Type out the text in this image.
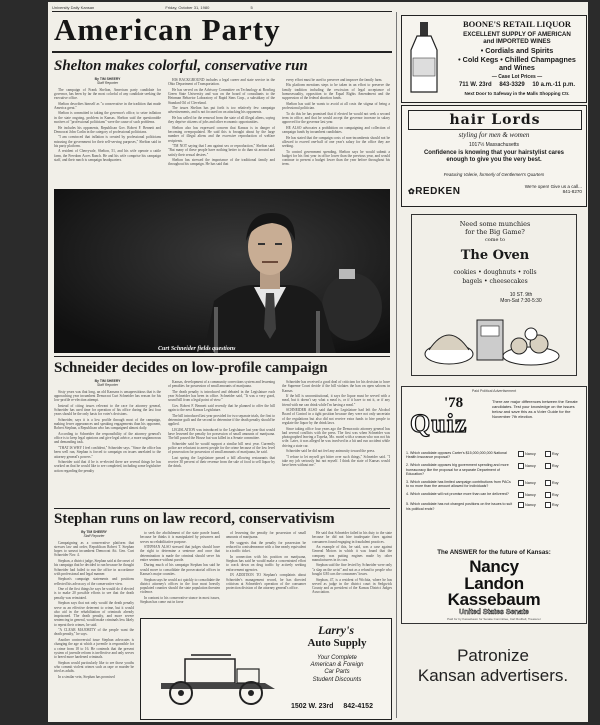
University Daily Kansan	Friday, October 31, 1980	5
American Party
Shelton makes colorful, conservative run
By TIM SHEERY
Staff Reporter

The campaign of Frank Shelton, American party candidate for governor, has been by far the most colorful of any candidate seeking the executive office.

Shelton describes himself as "a conservative in the tradition that made America great."

Shelton is committed to taking the governor's office, to seize inflation in the state ongoing, problem in Kansas. Shelton said the questionable motives of "professional politicians" were the cause of such problems.

He includes his opponents, Republican Gov. Robert F. Bennett and Democrat John Carlin in the category of professional politicians.

"I am convinced that inflation is created by professional politicians misusing the government for their self-serving purposes," Shelton said in his party platform.

A resident of Cherryvale, Shelton, 51, and his wife operate a cattle farm, the Freedom Acres Ranch. He and his wife comprise his campaign staff, and their ranch is campaign headquarters.

HIS BACKGROUND includes a legal career and state service in the Ohio Department of Transportation.

He has served on the Advisory Committee on Technology at Bowling Green State University and was on the board of consultants to the Heinman Behavior Laboratory of Rapid Sims Corp., a subsidiary of the Standard Oil of Cleveland.

The issues Shelton has put forth is too relatively few campaign advertisements, and is not focused on on attacking his opponents.

He has called for the removal from the state of all illegal aliens, saying they deprive citizens of jobs and other economic opportunities.

Shelton also has expressed concern that Kansas is in danger of becoming overpopulated. He said this is brought about by the large number of illegal aliens and the excessive reproduction of welfare recipients.

"I'M NOT saying that I am against sex or reproduction," Shelton said. "But many of these people have nothing better to do than sit around and satisfy their sexual desires."

Shelton has stressed the importance of the traditional family and throughout his campaign. He has said that

every effort must be used to preserve and improve the family farm.

His platform mentions steps to be taken in an effort to preserve the family tradition including the rescission of legal acceptance of homosexuality, opposition to the Equal Rights Amendment and the suppression of the federal abortion funds.

Shelton has said he wants to avoid at all costs the stigma of being a professional politician.

To do this he has promised that if elected he would not seek a second term in office, and that he would accept the governor increase in salary approved for the governor last year.

HE ALSO advocates a prohibition on campaigning and collection of campaign funds by incumbent candidates.

He has stated that the campaign costs of non-incumbents should not be allowed to exceed one-half of one year's salary for the office they are seeking.

To control government spending, Shelton says he would submit a budget for his first year in office lower than the previous year, and would continue to present a budget lower than the year before throughout his term.

Curt Schneider fields questions
Schneider decides on low-profile campaign
By TIM SHEERY
Staff Reporter

Sixty years was that long, an old Kansans is unsuperstitious that is the approaching year incumbent Democrat Curt Schneider has reason for his low-profile re-election attempt.

Instead of citing issues relevant to the race for attorney general, Schneider has used time for operation of his office during the last four years should be the only basis for voter's decisions.

Schneider, says it is a low profile through most of the campaign, making fewer appearances and speaking engagements than his opponent, Robert Stephan, a Republican who has campaigned almost daily.

According to Schneider the responsibility of the attorney general's office is to keep legal opinions and give legal advice, a more unglamorous and demanding task.

"THAT IS WHY I feel confident," Schneider says. "Since the office has been well run, Stephan is forced to campaign on issues unrelated to the attorney general's powers."

Schneider said that if he is re-elected there are several things he has worked on that he would like to see completed, including some legislative action regarding the penalty

Kansas, development of a community corrections system and lessening of penalties for possession of small amounts of marijuana.

The death penalty is introduced and debated in the Legislature each year Schneider has been in office. Schneider said, "It was a very good, sound bill from a legal point of view."

Gov. Robert F. Bennett said recently that he planned to offer the bill again to the next Kansas Legislature.

The bill introduced last year provided for two separate trials, the first to determine guilt and the second to determine if the death penalty should be applied.

LEGISLATION was introduced to the Legislature last year that would have lessened the penalty for possession of small amounts of marijuana. The bill passed the House but was killed in a Senate committee.

Schneider said he would support a similar bill next year. Currently police are reluctant to arrest people for the crime because of the low level of prosecution for possession of small amounts of marijuana, he said.

Last spring the Legislature passed a bill allowing restaurants that receive 30 percent of their revenue from the sale of food to sell liquor by the drink.

Schneider has received a good deal of criticism for his decision to have the Supreme Court decide if the bill violates the ban on open saloons in Kansas.

If the bill is unconstitutional, it says the liquor must be served with a meal, but it doesn't say what a meal is, or if it have to eat it, or if any friend with me can drink while I'm having a meal."

SCHNEIDER ALSO said that the Legislature had left the Alcohol Board of Control in a tight position because they were not only uncertain of the regulations but also did not receive extra funds to hire people to regulate the liquor by the drink laws.

Since taking office four years ago the Democratic attorney general has had several conflicts with the press. The first was when Schneider was photographed leaving a Topeka, Mo. motel with a woman who was not his wife. Later, it was alleged he was involved in a hit and run accident while driving a state car.

Schneider said he did not feel any animosity toward the press.

"I refuse to let myself get bitter over such things," Schneider said. "I take my job seriously but not myself. I think the state of Kansas would have been without me."

Stephan runs on law record, conservativism
By TIM SHEERY
Staff Reporter

Campaigning as a conservative platform that stresses law and order, Republican Robert T. Stephan hopes to unseat incumbent Democrat Att. Gen. Curt Schneider Nov. 4.

Stephan, a district judge, Stephan said at the onset of his campaign that he decided to run because he thought Schneider had failed to run the office in accordance with professional and legal manner.

Stephan's campaign statements and positions reflected his advocacy of the conservative view.

One of the first things he says he would do if elected is to make 20 possible efforts to see that the death penalty was reinstated.

Stephan says that not only would the death penalty serve as an effective deterrent to crime, but it would also aid in the rehabilitation of criminals already imprisoned. The death penalty, and more severe sentencing in general, would make criminals less likely to repeat their crimes, he said.

"A CLEAR MAJORITY of the people want the death penalty," he says.

Another controversial issue Stephan advocates is changing the age at which a juvenile is responsible for a crime from 18 to 16. He contends that the present system of juvenile reform is ineffective and only serves to breed more hardened criminals.

Stephan would particularly like to see those youths who commit violent crimes such as rape or murder be tried as adults.

In a similar vein, Stephan has promised

to seek the abolishment of the state parole board, because he thinks it is manipulated by prisoners and serves no rehabilitative purpose.

STEPHAN ALSO stressed that judges should have the right to determine a sentence and once that determination is made the criminal should serve his entire sentence without parole.

During much of his campaign Stephan has said he would move to consolidate the prosecutorial offices in Kansas's major counties.

Stephan says he would act quickly to consolidate the district attorney's offices in the four most heavily populated counties should the state population threaten violence.

In contrast to his conservative stance in most issues, Stephan has come out in favor

of lessening the penalty for possession of small amounts of marijuana.

He suggests that the penalty for possession be reduced to a misdemeanor with a fine nearly equivalent to a traffic ticket.

In connection with his position on marijuana, Stephan has said he would make a concentrated effort to crack down on drug traffic by actively seeking enforcement agencies.

IN ADDITION TO Stephan's complaints about Schneider's management record, he has directed criticism at Schneider's operation of the consumer protection division of the attorney general's office.

He said that Schneider failed in his duty to the state because he did not hire inadequate fines against consumers found engaging in fraudulent practices.

An example of this, he said, was a case against General Motors in which it was found that the company was putting engines made by other manufacturers in its cars.

Stephan said the fine levied by Schneider were only "a slap on the wrist" and not as a refund to people who bought GM cars the consumers' losses.

Stephan, 47, is a resident of Wichita, where he has served as judge in the district court in Sedgwick County and as president of the Kansas District Judges Association.

Larry's
Auto Supply
Your Complete
American & Foreign
Car Parts
Student Discounts
1502 W. 23rd 842-4152
BOONE'S RETAIL LIQUOR
EXCELLENT SUPPLY OF AMERICAN
and IMPORTED WINES
• Cordials and Spirits
• Cold Kegs • Chilled Champagnes
and Wines
— Case Lot Prices —
711 W. 23rd 843-3329 10 a.m.-11 p.m.
Next Door to Safeway in the Malls Shopping Ctr.
hair Lords
styling for men & women
1017½ Massachusetts
Confidence is knowing that your hairstylist cares enough to give you the very best.
Featuring Valerie, formerly of Gentlemen's Quarters
✿REDKEN	We're open! Give us a call...
841-8270
Need some munchies
for the Big Game?
come to
The Oven
cookies • doughnuts • rolls
bagels • cheesecakes
10 ST. 9th
Mon-Sat 7:30-5:30
Paid Political Advertisement
'78
Quiz
There are major differences between the Senate candidates. Test your knowledge on the issues below and save this as a Voter Guide for the November 7th election.
1. Which candidate opposes Carter's $15,000,000,000 National Health Insurance proposal?
Nancy	Roy
2. Which candidate opposes big government spending and more bureaucracy like the proposal for a separate Department of Education?
Nancy	Roy
3. Which candidate has limited campaign contributions from PACs to no more than the amount allowed for individuals?
Nancy	Roy
4. Which candidate will not promise more than can be delivered?	Nancy	Roy
5. Which candidate has not changed positions on the issues to suit his political ends?
Nancy	Roy
The ANSWER for the future of Kansas:
Nancy
Landon
Kassebaum
United States Senate
Paid for by Kassebaum for Senate Committee, Carl Rodbell, Treasurer
Patronize
Kansan advertisers.
